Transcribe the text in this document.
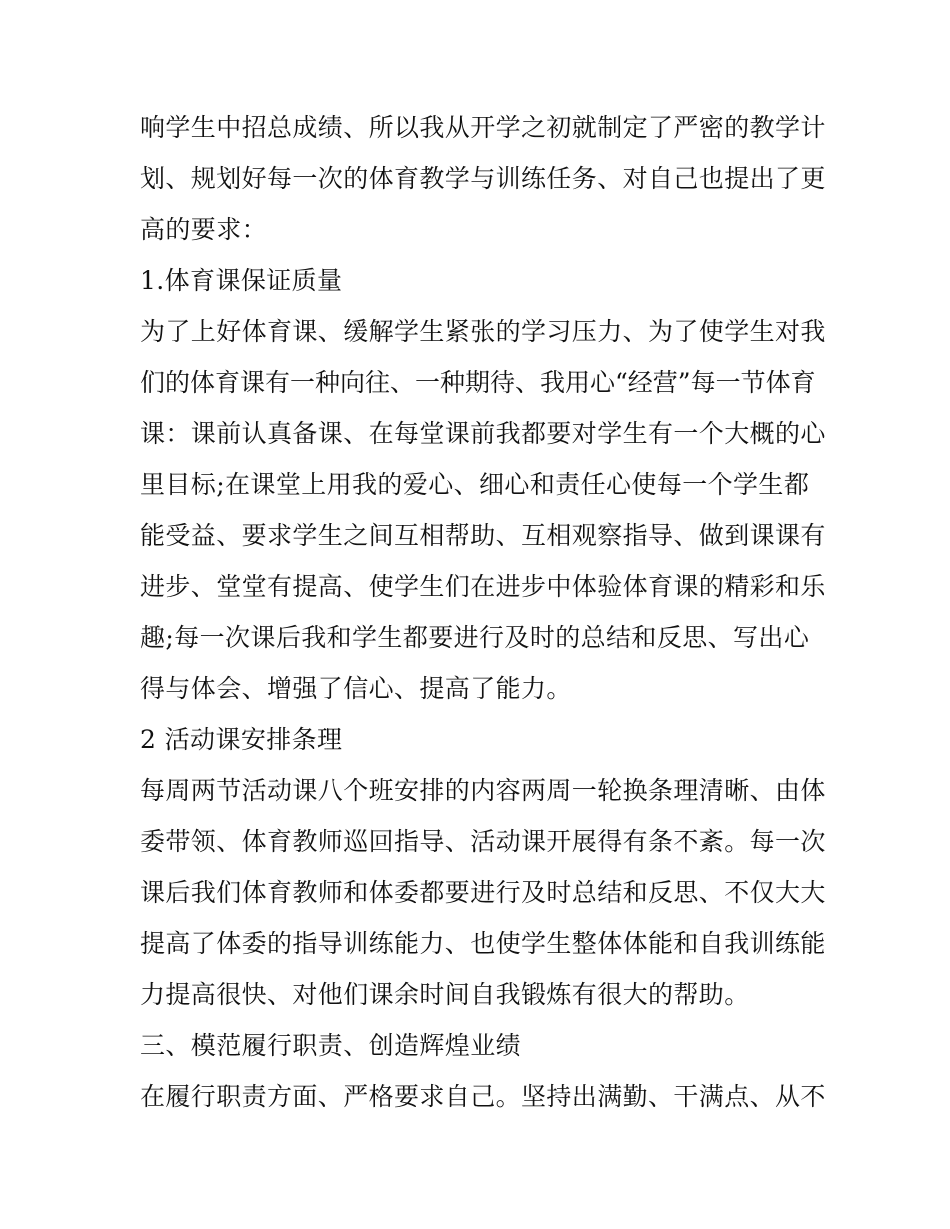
响学生中招总成绩、所以我从开学之初就制定了严密的教学计
划、规划好每一次的体育教学与训练任务、对自己也提出了更
高的要求：
1.体育课保证质量
为了上好体育课、缓解学生紧张的学习压力、为了使学生对我
们的体育课有一种向往、一种期待、我用心“经营”每一节体育
课：课前认真备课、在每堂课前我都要对学生有一个大概的心
里目标;在课堂上用我的爱心、细心和责任心使每一个学生都
能受益、要求学生之间互相帮助、互相观察指导、做到课课有
进步、堂堂有提高、使学生们在进步中体验体育课的精彩和乐
趣;每一次课后我和学生都要进行及时的总结和反思、写出心
得与体会、增强了信心、提高了能力。
2 活动课安排条理
每周两节活动课八个班安排的内容两周一轮换条理清晰、由体
委带领、体育教师巡回指导、活动课开展得有条不紊。每一次
课后我们体育教师和体委都要进行及时总结和反思、不仅大大
提高了体委的指导训练能力、也使学生整体体能和自我训练能
力提高很快、对他们课余时间自我锻炼有很大的帮助。
三、模范履行职责、创造辉煌业绩
在履行职责方面、严格要求自己。坚持出满勤、干满点、从不
